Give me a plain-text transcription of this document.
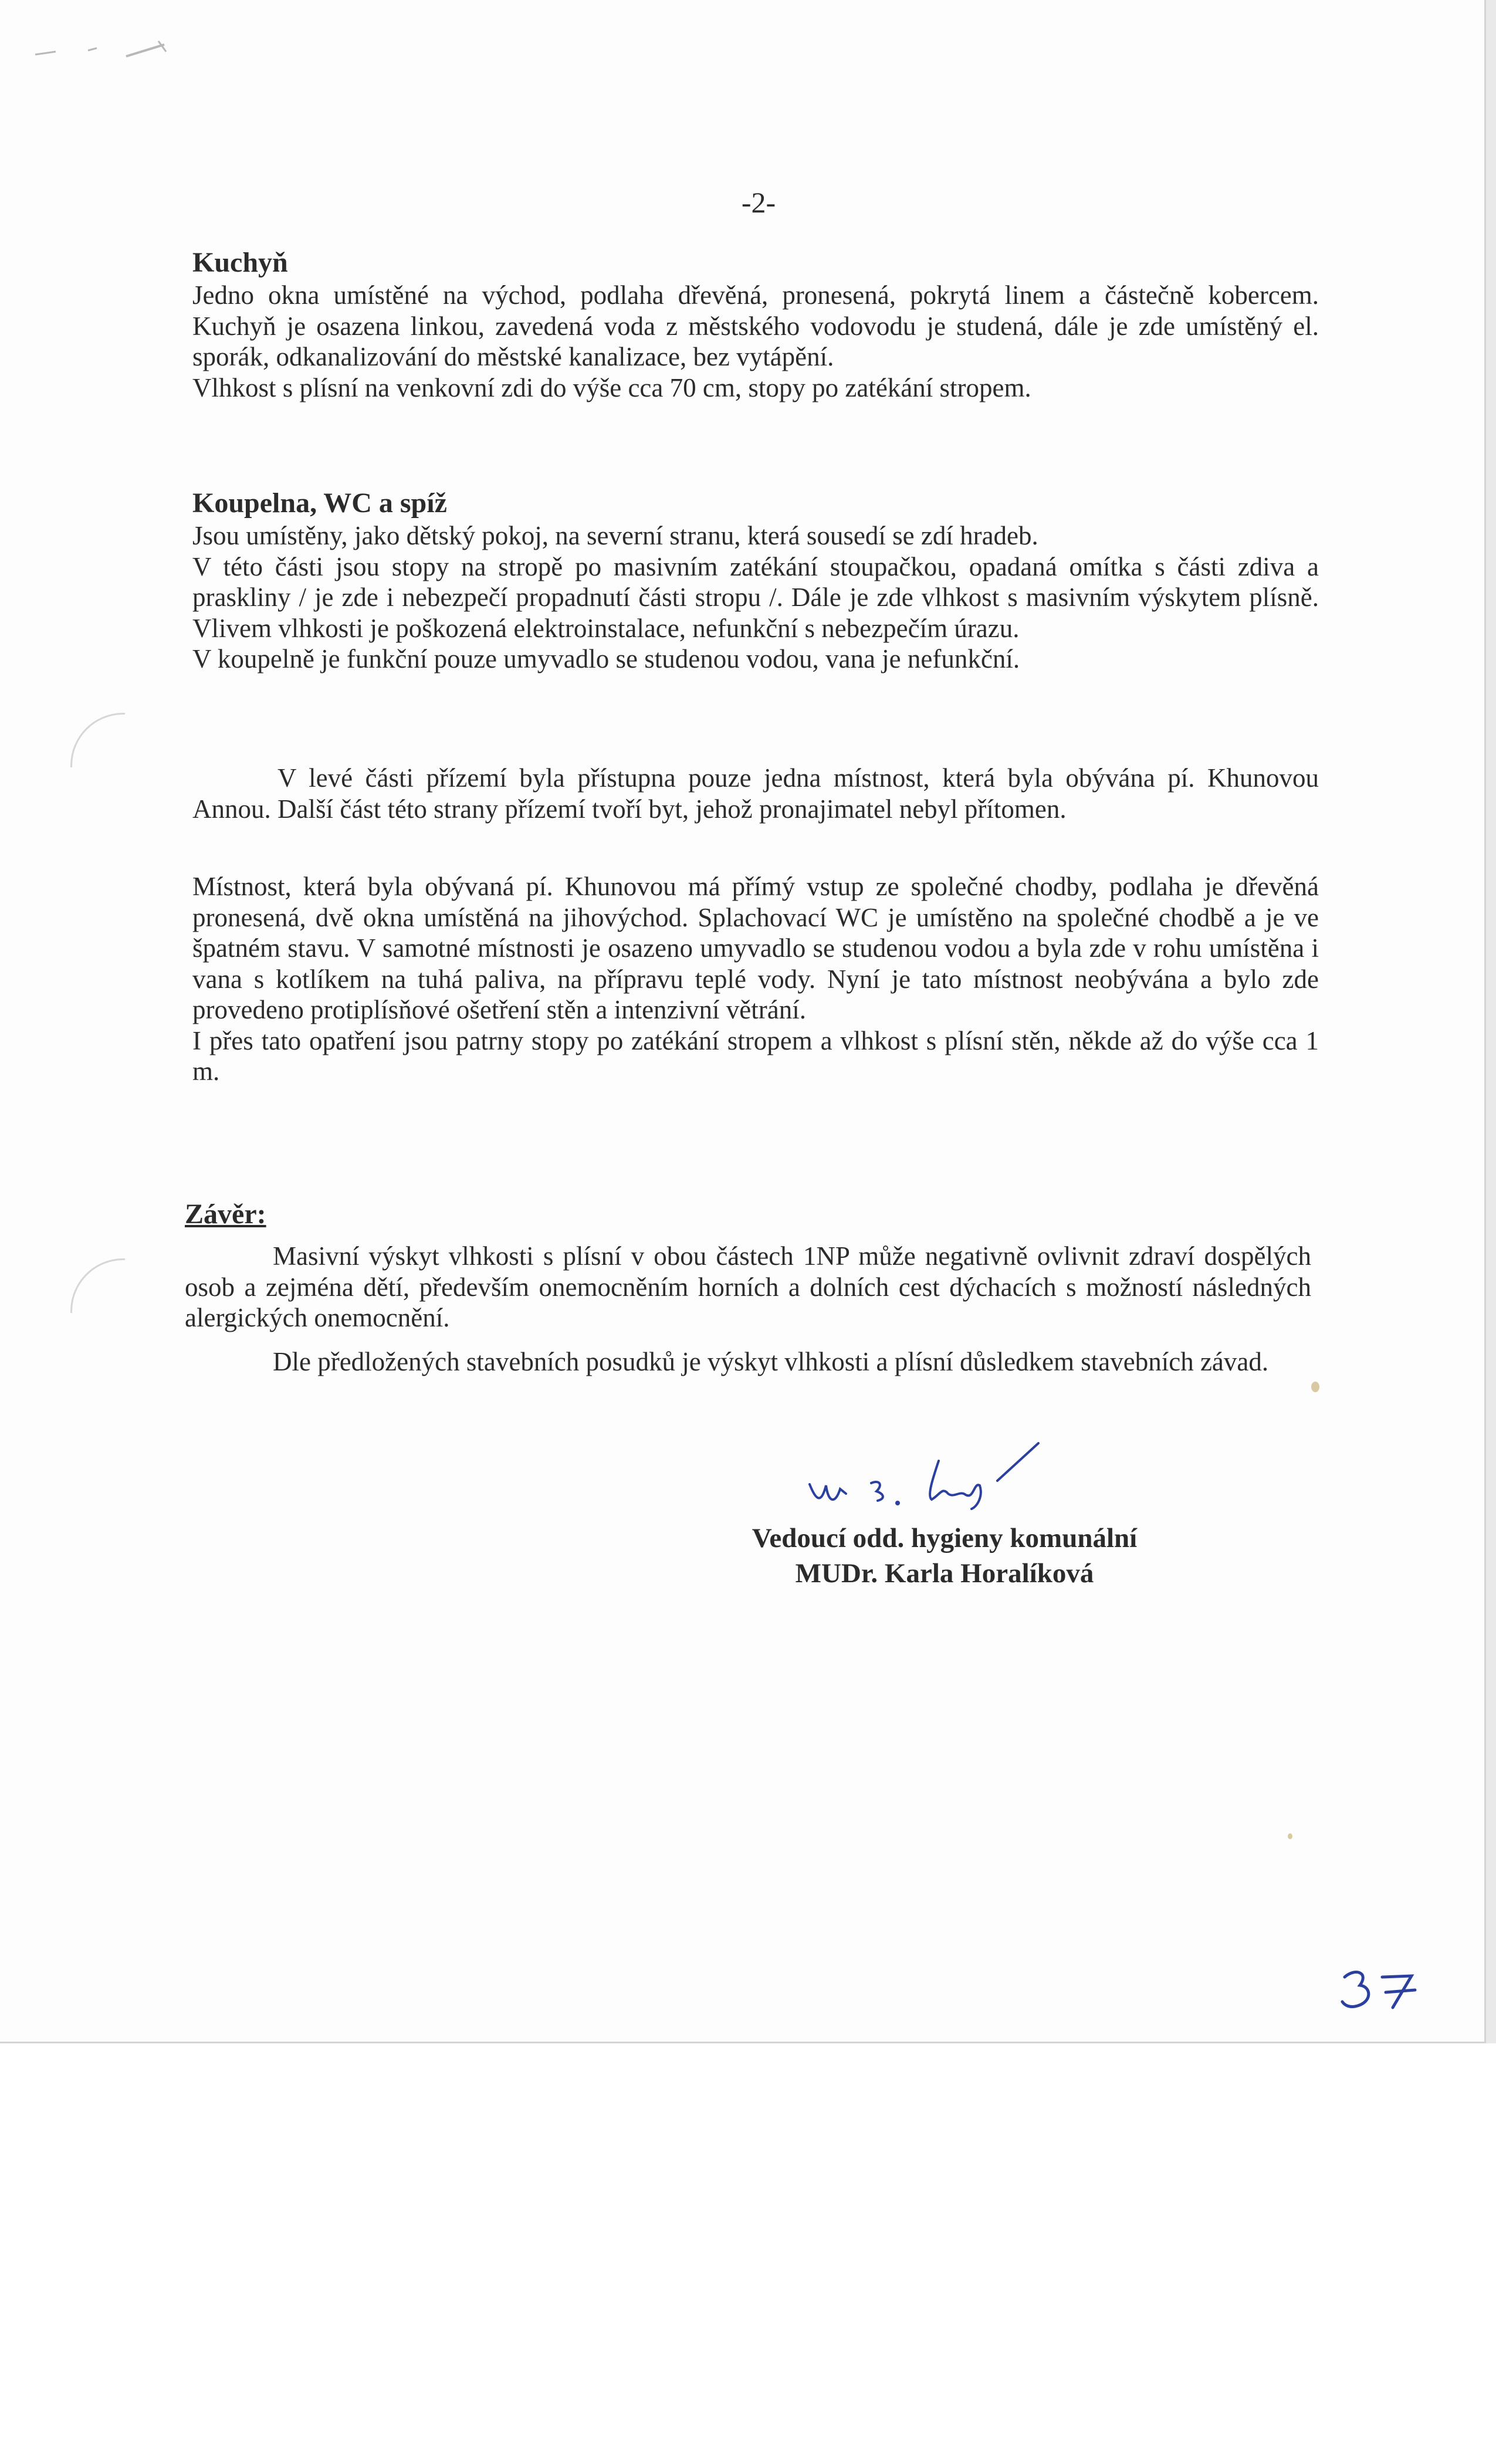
-2-
Kuchyň
Jedno okna umístěné na východ, podlaha dřevěná, pronesená, pokrytá linem a částečně kobercem. Kuchyň je osazena linkou, zavedená voda z městského vodovodu je studená, dále je zde umístěný el. sporák, odkanalizování do městské kanalizace, bez vytápění.
Vlhkost s plísní na venkovní zdi do výše cca 70 cm, stopy po zatékání stropem.
Koupelna, WC a spíž
Jsou umístěny, jako dětský pokoj, na severní stranu, která sousedí se zdí hradeb.
V této části jsou stopy na stropě po masivním zatékání stoupačkou, opadaná omítka s části zdiva a praskliny / je zde i nebezpečí propadnutí části stropu /. Dále je zde vlhkost s masivním výskytem plísně. Vlivem vlhkosti je poškozená elektroinstalace, nefunkční s nebezpečím úrazu.
V koupelně je funkční pouze umyvadlo se studenou vodou, vana je nefunkční.
V levé části přízemí byla přístupna pouze jedna místnost, která byla obývána pí. Khunovou Annou. Další část této strany přízemí tvoří byt, jehož pronajimatel nebyl přítomen.
Místnost, která byla obývaná pí. Khunovou má přímý vstup ze společné chodby, podlaha je dřevěná pronesená, dvě okna umístěná na jihovýchod. Splachovací WC je umístěno na společné chodbě a je ve špatném stavu. V samotné místnosti je osazeno umyvadlo se studenou vodou a byla zde v rohu umístěna i vana s kotlíkem na tuhá paliva, na přípravu teplé vody. Nyní je tato místnost neobývána a bylo zde provedeno protiplísňové ošetření stěn a intenzivní větrání.
I přes tato opatření jsou patrny stopy po zatékání stropem a vlhkost s plísní stěn, někde až do výše cca 1 m.
Závěr:
Masivní výskyt vlhkosti s plísní v obou částech 1NP může negativně ovlivnit zdraví dospělých osob a zejména dětí, především onemocněním horních a dolních cest dýchacích s možností následných alergických onemocnění.
Dle předložených stavebních posudků je výskyt vlhkosti a plísní důsledkem stavebních závad.
Vedoucí odd. hygieny komunální
MUDr. Karla Horalíková
